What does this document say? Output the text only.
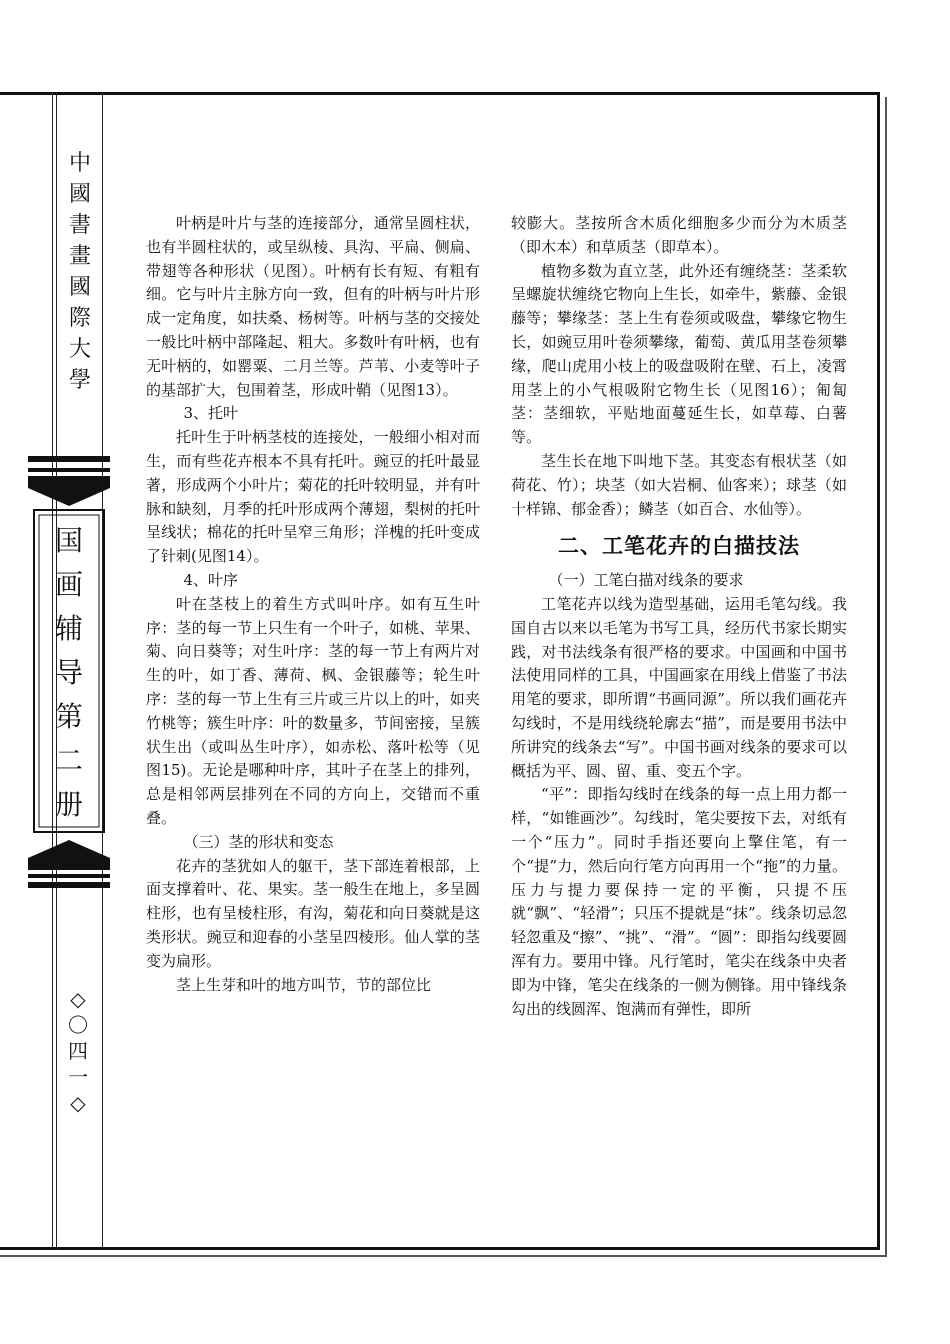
中
國
書
畫
國
際
大
學
国
画
辅
导
第
二
册
◇
〇
四
一
◇

叶柄是叶片与茎的连接部分，通常呈圆柱状，也有半圆柱状的，或呈纵棱、具沟、平扁、侧扁、带翅等各种形状（见图）。叶柄有长有短、有粗有细。它与叶片主脉方向一致，但有的叶柄与叶片形成一定角度，如扶桑、杨树等。叶柄与茎的交接处一般比叶柄中部隆起、粗大。多数叶有叶柄，也有无叶柄的，如罂粟、二月兰等。芦苇、小麦等叶子的基部扩大，包围着茎，形成叶鞘（见图13）。

3、托叶

托叶生于叶柄茎枝的连接处，一般细小相对而生，而有些花卉根本不具有托叶。豌豆的托叶最显著，形成两个小叶片；菊花的托叶较明显，并有叶脉和缺刻，月季的托叶形成两个薄翅，梨树的托叶呈线状；棉花的托叶呈窄三角形；洋槐的托叶变成了针刺(见图14）。

4、叶序

叶在茎枝上的着生方式叫叶序。如有互生叶序：茎的每一节上只生有一个叶子，如桃、苹果、菊、向日葵等；对生叶序：茎的每一节上有两片对生的叶，如丁香、薄荷、枫、金银藤等；轮生叶序：茎的每一节上生有三片或三片以上的叶，如夹竹桃等；簇生叶序：叶的数量多，节间密接，呈簇状生出（或叫丛生叶序），如赤松、落叶松等（见图15)。无论是哪种叶序，其叶子在茎上的排列，总是相邻两层排列在不同的方向上，交错而不重叠。

（三）茎的形状和变态

花卉的茎犹如人的躯干，茎下部连着根部，上面支撑着叶、花、果实。茎一般生在地上，多呈圆柱形，也有呈棱柱形，有沟，菊花和向日葵就是这类形状。豌豆和迎春的小茎呈四棱形。仙人掌的茎变为扁形。

茎上生芽和叶的地方叫节，节的部位比

较膨大。茎按所含木质化细胞多少而分为木质茎（即木本）和草质茎（即草本）。

植物多数为直立茎，此外还有缠绕茎：茎柔软呈螺旋状缠绕它物向上生长，如牵牛，紫藤、金银藤等；攀缘茎：茎上生有卷须或吸盘，攀缘它物生长，如豌豆用叶卷须攀缘，葡萄、黄瓜用茎卷须攀缘，爬山虎用小枝上的吸盘吸附在壁、石上，凌霄用茎上的小气根吸附它物生长（见图16）；匍匐茎：茎细软，平贴地面蔓延生长，如草莓、白薯等。

茎生长在地下叫地下茎。其变态有根状茎（如荷花、竹）；块茎（如大岩桐、仙客来）；球茎（如十样锦、郁金香）；鳞茎（如百合、水仙等）。

二、工笔花卉的白描技法

（一）工笔白描对线条的要求

工笔花卉以线为造型基础，运用毛笔勾线。我国自古以来以毛笔为书写工具，经历代书家长期实践，对书法线条有很严格的要求。中国画和中国书法使用同样的工具，中国画家在用线上借鉴了书法用笔的要求，即所谓“书画同源”。所以我们画花卉勾线时，不是用线绕轮廓去“描”，而是要用书法中所讲究的线条去“写”。中国书画对线条的要求可以概括为平、圆、留、重、变五个字。

“平”：即指勾线时在线条的每一点上用力都一样，“如锥画沙”。勾线时，笔尖要按下去，对纸有一个“压力”。同时手指还要向上擎住笔，有一个“提”力，然后向行笔方向再用一个“拖”的力量。压力与提力要保持一定的平衡，只提不压就“飘”、“轻滑”；只压不提就是“抹”。线条切忌忽轻忽重及“擦”、“挑”、“滑”。“圆”：即指勾线要圆浑有力。要用中锋。凡行笔时，笔尖在线条中央者即为中锋，笔尖在线条的一侧为侧锋。用中锋线条勾出的线圆浑、饱满而有弹性，即所
